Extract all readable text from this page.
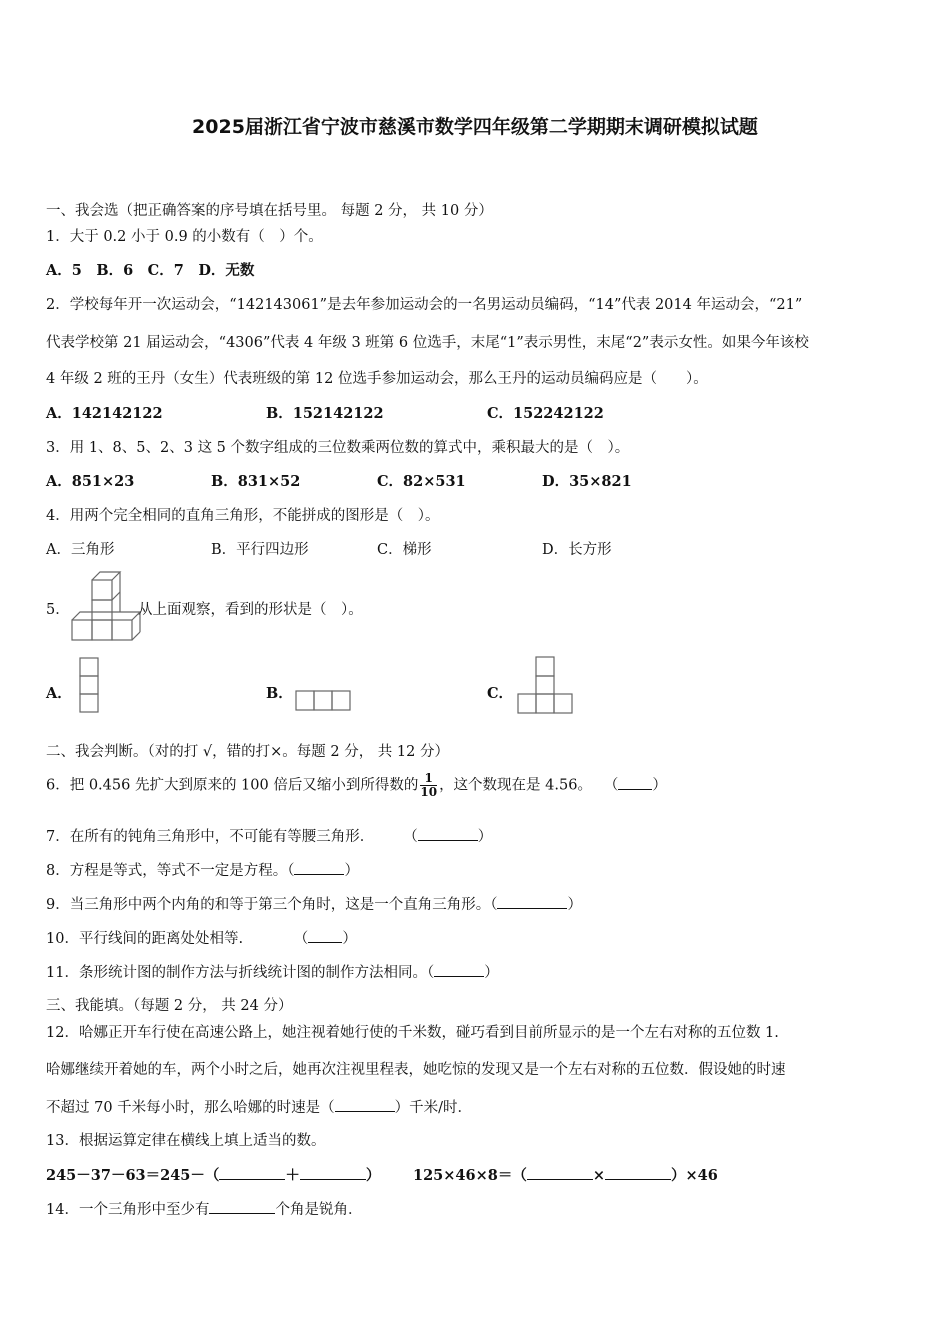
2025届浙江省宁波市慈溪市数学四年级第二学期期末调研模拟试题
一、我会选（把正确答案的序号填在括号里。 每题 2 分， 共 10 分）
1．大于 0.2 小于 0.9 的小数有（　）个。
A．5　B．6　C．7　D．无数
2．学校每年开一次运动会，“142143061”是去年参加运动会的一名男运动员编码，“14”代表 2014 年运动会，“21”
代表学校第 21 届运动会，“4306”代表 4 年级 3 班第 6 位选手，末尾“1”表示男性，末尾“2”表示女性。如果今年该校
4 年级 2 班的王丹（女生）代表班级的第 12 位选手参加运动会，那么王丹的运动员编码应是（　　）。
A．142142122	B．152142122	C．152242122
3．用 1、8、5、2、3 这 5 个数字组成的三位数乘两位数的算式中，乘积最大的是（　）。
A．851×23	B．831×52	C．82×531	D．35×821
4．用两个完全相同的直角三角形，不能拼成的图形是（　）。
A．三角形	B．平行四边形	C．梯形	D．长方形
5．	从上面观察，看到的形状是（　）。
A．	B．	C．
二、我会判断。（对的打 √，错的打×。每题 2 分， 共 12 分）
6．把 0.456 先扩大到原来的 100 倍后又缩小到所得数的 $\frac{1}{10}$ ，这个数现在是 4.56。　 （ ）
7．在所有的钝角三角形中，不可能有等腰三角形．　　　（	）
8．方程是等式，等式不一定是方程。（	）
9．当三角形中两个内角的和等于第三个角时，这是一个直角三角形。（	）
10．平行线间的距离处处相等.　　　　（ ）
11．条形统计图的制作方法与折线统计图的制作方法相同。（	）
三、我能填。（每题 2 分， 共 24 分）
12．哈娜正开车行使在高速公路上，她注视着她行使的千米数，碰巧看到目前所显示的是一个左右对称的五位数 1.
哈娜继续开着她的车，两个小时之后，她再次注视里程表，她吃惊的发现又是一个左右对称的五位数．假设她的时速
不超过 70 千米每小时，那么哈娜的时速是（	）千米/时．
13．根据运算定律在横线上填上适当的数。
245－37－63＝245－（	＋	） 125×46×8＝（	×	）×46
14．一个三角形中至少有	个角是锐角．
